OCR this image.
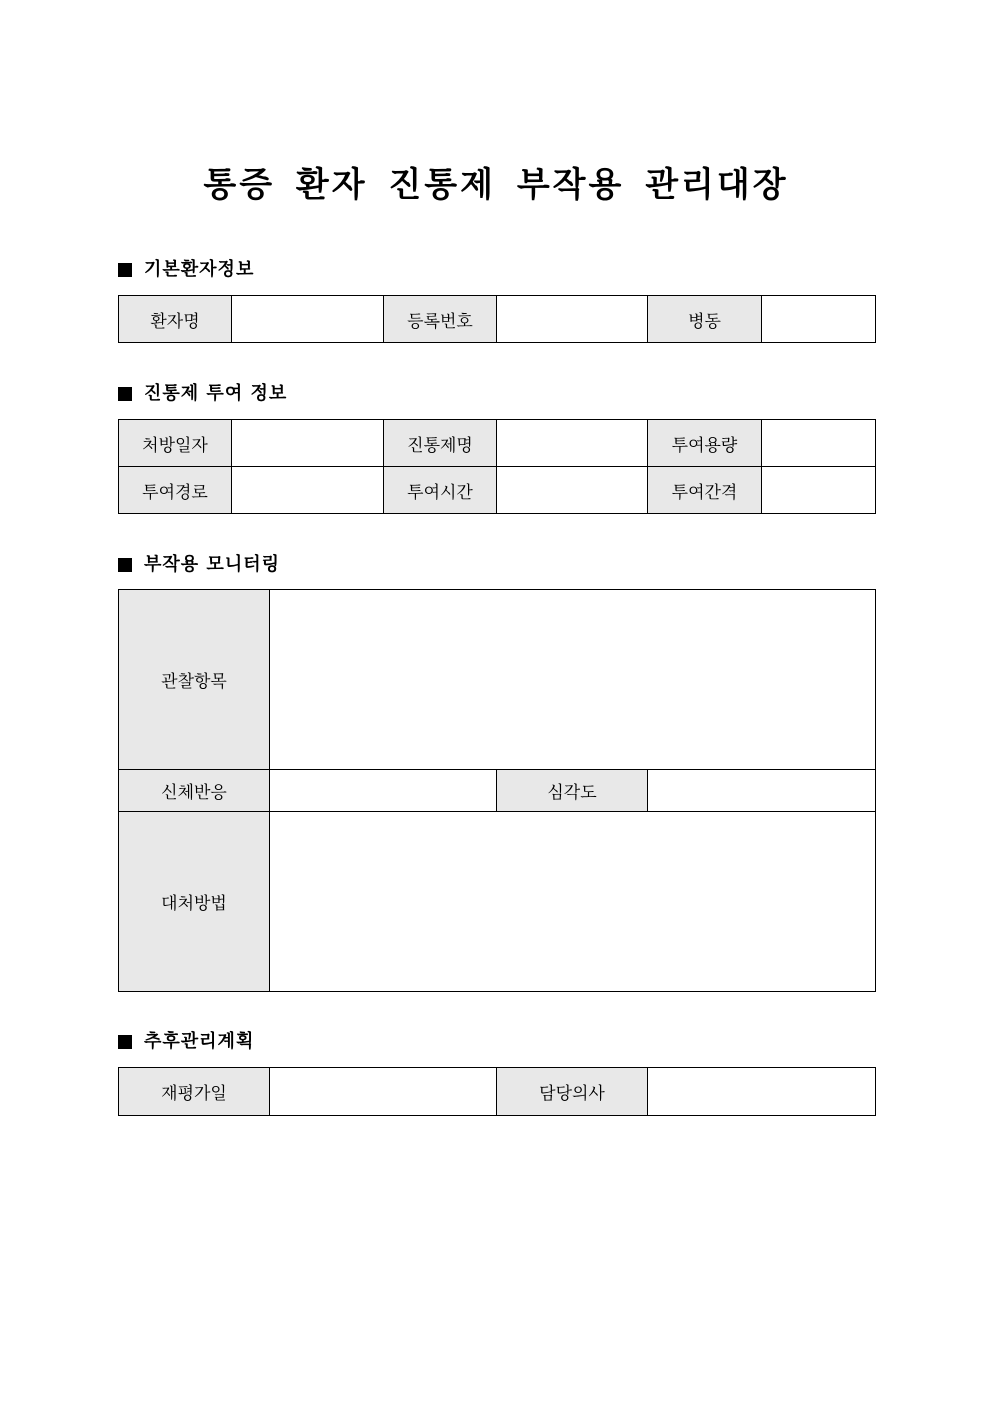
통증 환자 진통제 부작용 관리대장
기본환자정보
환자명		등록번호		병동	
진통제 투여 정보
처방일자		진통제명		투여용량	
투여경로		투여시간		투여간격	
부작용 모니터링
관찰항목			
신체반응		심각도	
대처방법			
추후관리계획
재평가일		담당의사	
